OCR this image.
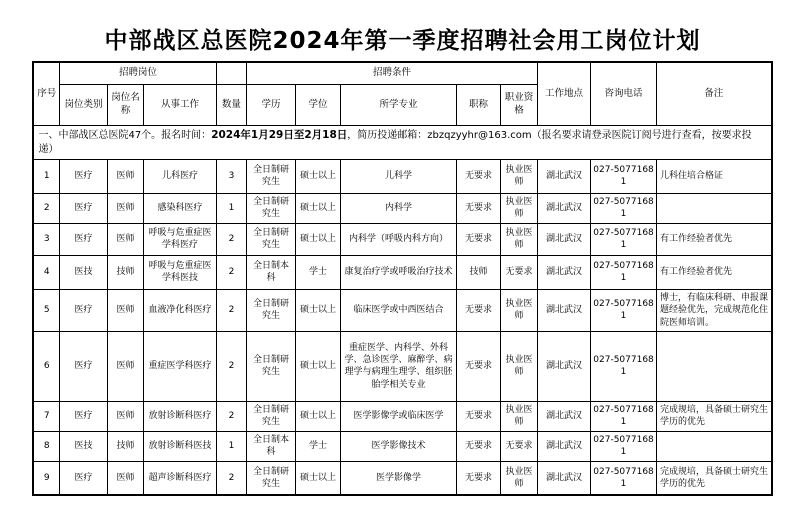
中部战区总医院2024年第一季度招聘社会用工岗位计划
序号	招聘岗位				招聘条件					工作地点	咨询电话	备注
	岗位类别	岗位名称	从事工作	数量	学历	学位	所学专业	职称	职业资格			
一、中部战区总医院47个。报名时间：2024年1月29日至2月18日，简历投递邮箱：zbzqzyyhr@163.com（报名要求请登录医院订阅号进行查看，按要求投递）												
1	医疗	医师	儿科医疗	3	全日制研究生	硕士以上	儿科学	无要求	执业医师	湖北武汉	027-50771681	儿科住培合格证
2	医疗	医师	感染科医疗	1	全日制研究生	硕士以上	内科学	无要求	执业医师	湖北武汉	027-50771681	
3	医疗	医师	呼吸与危重症医学科医疗	2	全日制研究生	硕士以上	内科学（呼吸内科方向）	无要求	执业医师	湖北武汉	027-50771681	有工作经验者优先
4	医技	技师	呼吸与危重症医学科医技	2	全日制本科	学士	康复治疗学或呼吸治疗技术	技师	无要求	湖北武汉	027-50771681	有工作经验者优先
5	医疗	医师	血液净化科医疗	2	全日制研究生	硕士以上	临床医学或中西医结合	无要求	执业医师	湖北武汉	027-50771681	博士，有临床科研、申报课题经验优先，完成规范化住院医师培训。
6	医疗	医师	重症医学科医疗	2	全日制研究生	硕士以上	重症医学、内科学、外科学、急诊医学、麻醉学、病理学与病理生理学、组织胚胎学相关专业	无要求	执业医师	湖北武汉	027-50771681	
7	医疗	医师	放射诊断科医疗	2	全日制研究生	硕士以上	医学影像学或临床医学	无要求	执业医师	湖北武汉	027-50771681	完成规培，具备硕士研究生学历的优先
8	医技	技师	放射诊断科医技	1	全日制本科	学士	医学影像技术	无要求	无要求	湖北武汉	027-50771681	
9	医疗	医师	超声诊断科医疗	2	全日制研究生	硕士以上	医学影像学	无要求	执业医师	湖北武汉	027-50771681	完成规培，具备硕士研究生学历的优先
